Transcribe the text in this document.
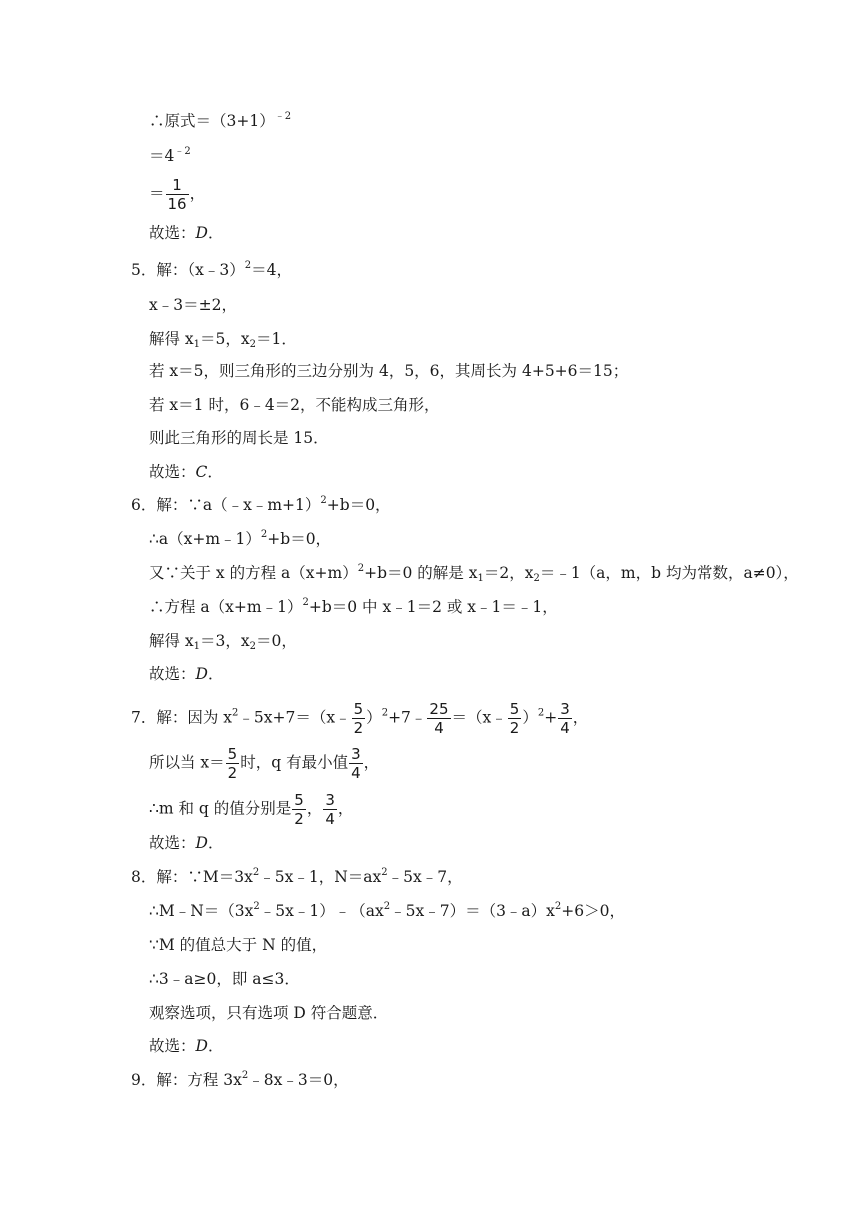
∴原式$=(3+1)^{﹣2}$
$=4^{﹣2}$
＝ $\frac{1}{16}$ ，
故选：D．
5．解：（x﹣3）$^2$＝4，
x﹣3＝±2，
解得 $x_1=5$，$x_2=1$．
若 x＝5，则三角形的三边分别为 4，5，6，其周长为 4+5+6＝15；
若 x＝1 时，6﹣4＝2，不能构成三角形，
则此三角形的周长是 15．
故选：C．
6．解：∵a（﹣x﹣m+1）$^2$+b＝0，
∴a（x+m﹣1）$^2$+b＝0，
又∵关于 x 的方程 $a(x+m)^2+b=0$ 的解是 $x_1=2$，$x_2=﹣1(a$，m，b 均为常数，a≠0），
∴方程 a（x+m﹣1）$^2$+b＝0 中 x﹣1＝2 或 x﹣1＝﹣1，
解得 $x_1=3$，$x_2=0$，
故选：D．
7．解：因为 $x^2﹣5x+7=(x﹣ \frac{5}{2}$ ）$^2$+7﹣ $\frac{25}{4}$ ＝（x﹣ $\frac{5}{2} )^2+ \frac{3}{4}$ ，
所以当 $x= \frac{5}{2}$ 时，q 有最小值 $\frac{3}{4}$ ，
∴m 和 q 的值分别是 $\frac{5}{2}$ ， $\frac{3}{4}$ ，
故选：D．
8．解：$\because M=3x^2﹣5x﹣1$，$N=ax^2﹣5x﹣7$，
$\therefore M﹣N=(3x^2﹣5x﹣1)﹣(ax^2﹣5x﹣7)=(3﹣a)x^2+6>0$，
∵M 的值总大于 N 的值，
∴3﹣a≥0，即 a≤3．
观察选项，只有选项 D 符合题意．
故选：D．
9．解：方程 $3x^2﹣8x﹣3=0$，
